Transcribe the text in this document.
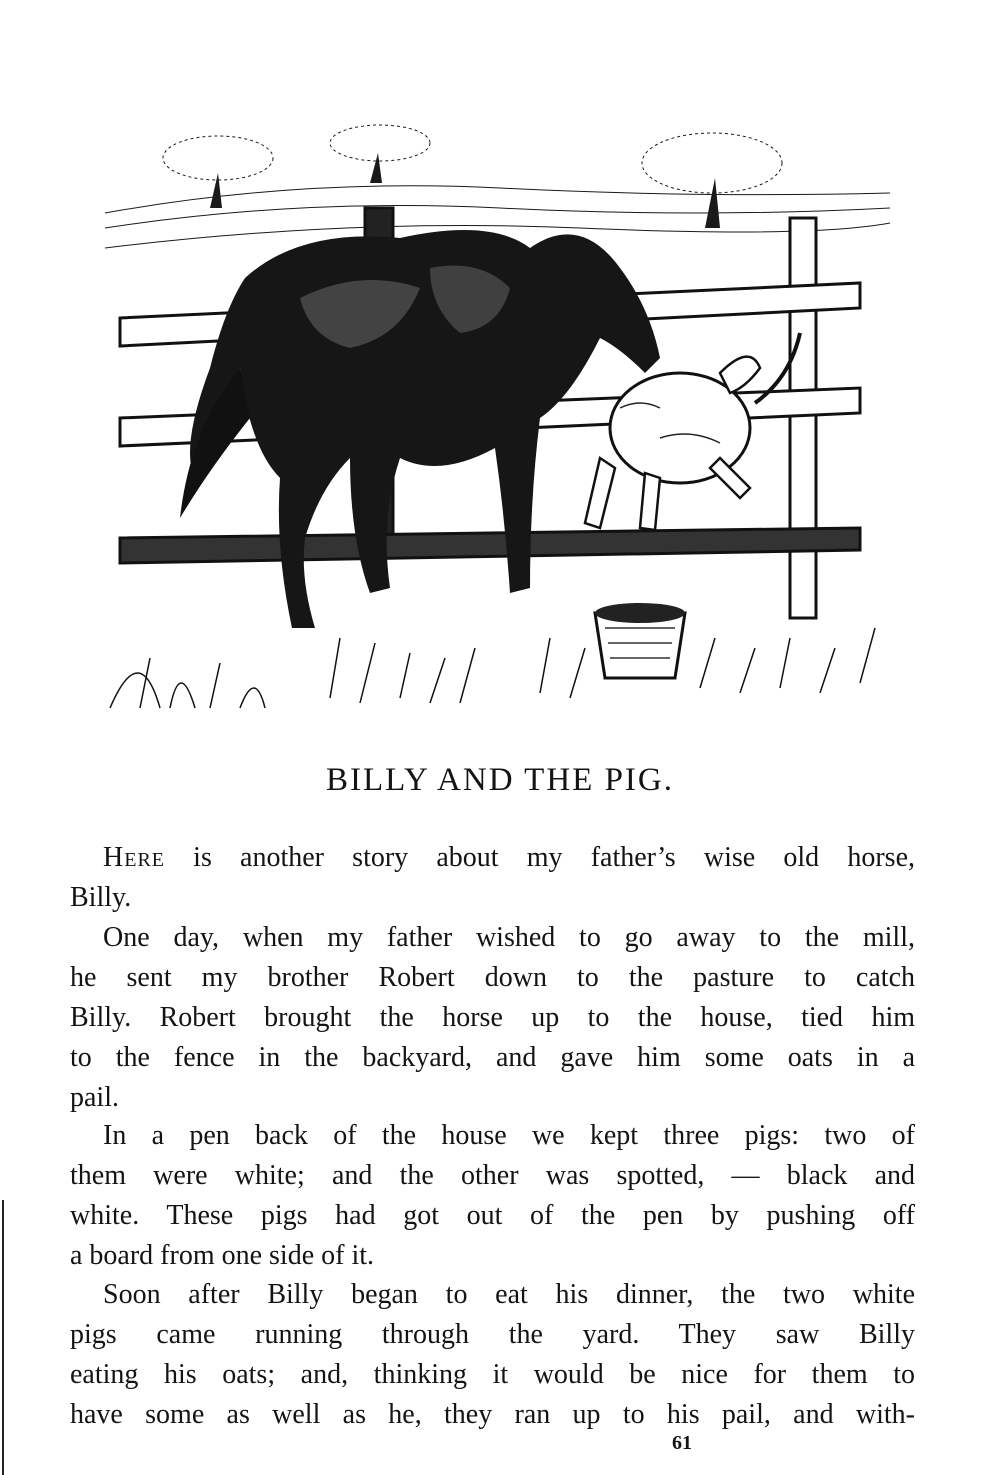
BILLY AND THE PIG.

Here is another story about my father’s wise old horse,
Billy.

One day, when my father wished to go away to the mill,
he sent my brother Robert down to the pasture to catch
Billy. Robert brought the horse up to the house, tied him
to the fence in the backyard, and gave him some oats in a
pail.

In a pen back of the house we kept three pigs: two of
them were white; and the other was spotted, — black and
white. These pigs had got out of the pen by pushing off
a board from one side of it.

Soon after Billy began to eat his dinner, the two white
pigs came running through the yard. They saw Billy
eating his oats; and, thinking it would be nice for them to
have some as well as he, they ran up to his pail, and with-

61
